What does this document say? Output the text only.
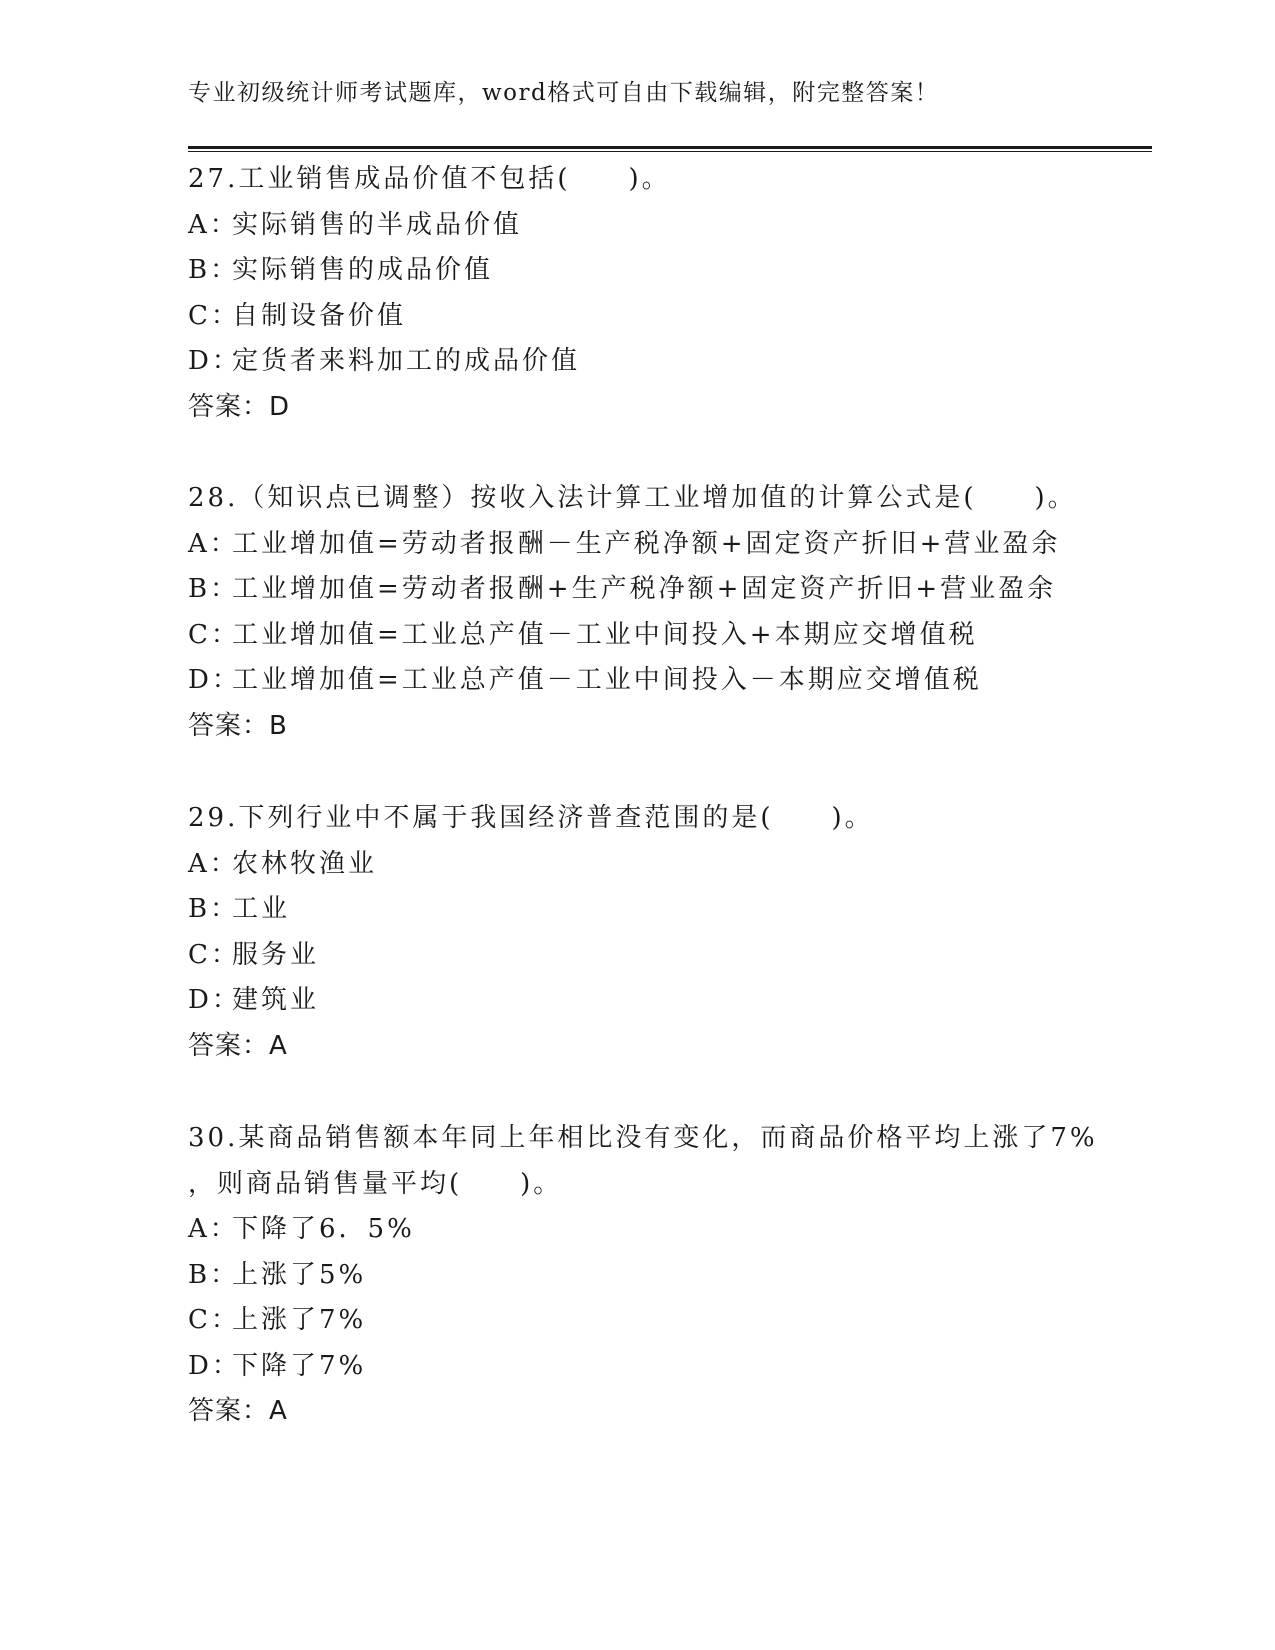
专业初级统计师考试题库，word格式可自由下载编辑，附完整答案！
27.工业销售成品价值不包括(　　)。
A：实际销售的半成品价值
B：实际销售的成品价值
C：自制设备价值
D：定货者来料加工的成品价值
答案：D
28.（知识点已调整）按收入法计算工业增加值的计算公式是(　　)。
A：工业增加值=劳动者报酬－生产税净额+固定资产折旧+营业盈余
B：工业增加值=劳动者报酬+生产税净额+固定资产折旧+营业盈余
C：工业增加值=工业总产值－工业中间投入+本期应交增值税
D：工业增加值=工业总产值－工业中间投入－本期应交增值税
答案：B
29.下列行业中不属于我国经济普查范围的是(　　)。
A：农林牧渔业
B：工业
C：服务业
D：建筑业
答案：A
30.某商品销售额本年同上年相比没有变化，而商品价格平均上涨了7%
，则商品销售量平均(　　)。
A：下降了6．5%
B：上涨了5%
C：上涨了7%
D：下降了7%
答案：A
